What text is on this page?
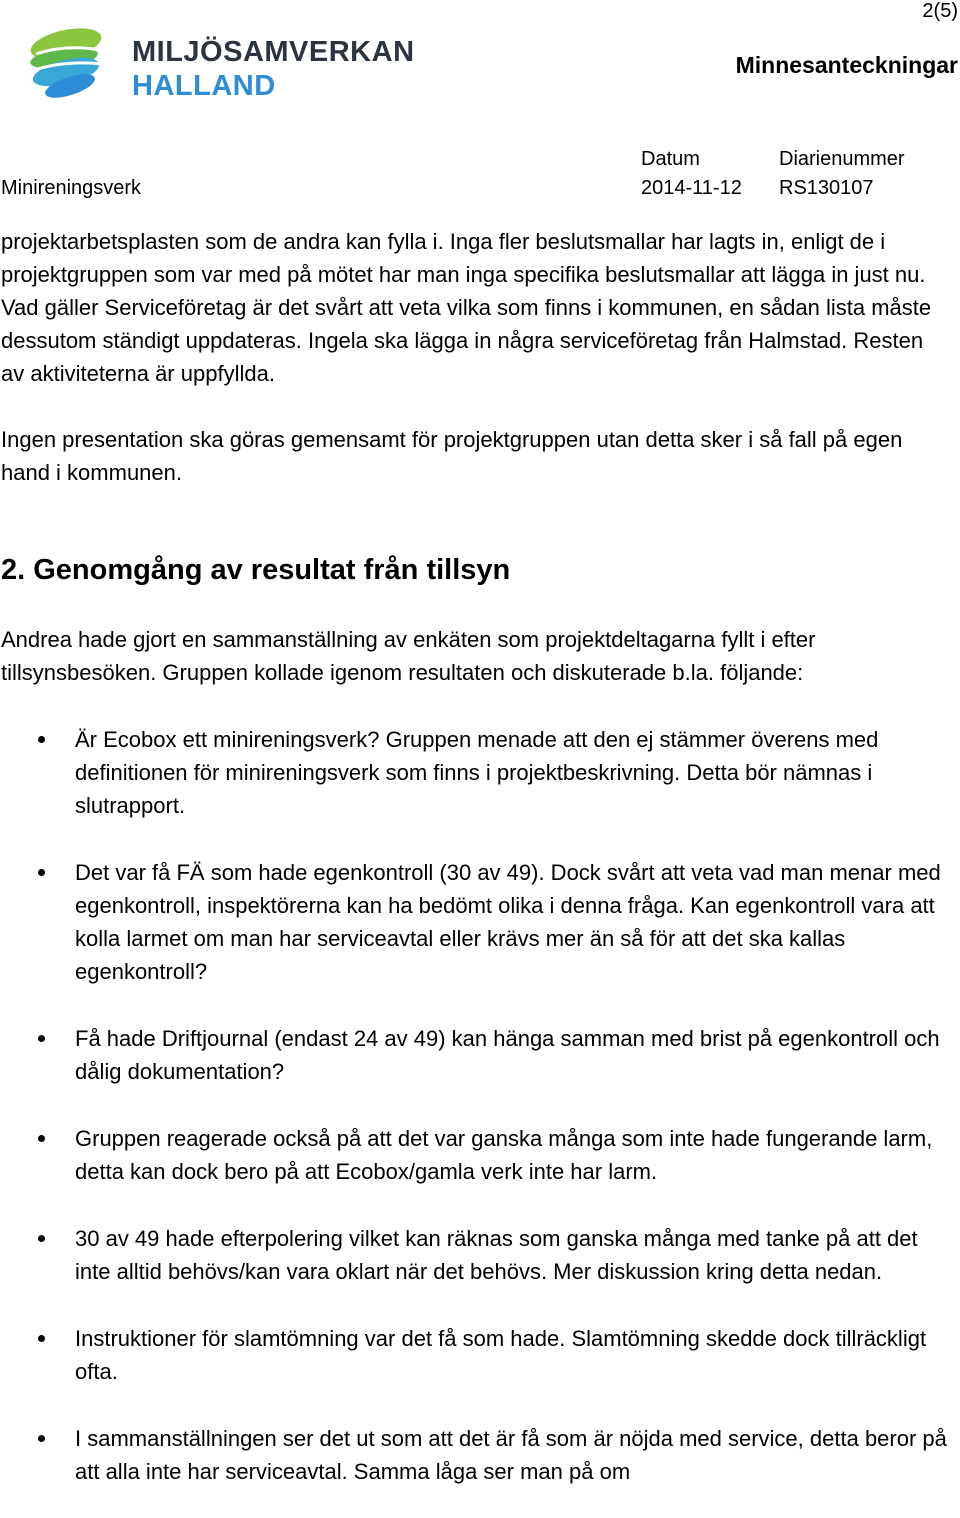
2(5)
MILJÖSAMVERKAN
HALLAND
Minnesanteckningar
Minireningsverk
Datum
2014-11-12
Diarienummer
RS130107

projektarbetsplasten som de andra kan fylla i. Inga fler beslutsmallar har lagts in, enligt de i projektgruppen som var med på mötet har man inga specifika beslutsmallar att lägga in just nu. Vad gäller Serviceföretag är det svårt att veta vilka som finns i kommunen, en sådan lista måste dessutom ständigt uppdateras. Ingela ska lägga in några serviceföretag från Halmstad. Resten av aktiviteterna är uppfyllda.

Ingen presentation ska göras gemensamt för projektgruppen utan detta sker i så fall på egen hand i kommunen.

2. Genomgång av resultat från tillsyn

Andrea hade gjort en sammanställning av enkäten som projektdeltagarna fyllt i efter tillsynsbesöken. Gruppen kollade igenom resultaten och diskuterade b.la. följande:

Är Ecobox ett minireningsverk? Gruppen menade att den ej stämmer överens med definitionen för minireningsverk som finns i projektbeskrivning. Detta bör nämnas i slutrapport.
Det var få FÄ som hade egenkontroll (30 av 49). Dock svårt att veta vad man menar med egenkontroll, inspektörerna kan ha bedömt olika i denna fråga. Kan egenkontroll vara att kolla larmet om man har serviceavtal eller krävs mer än så för att det ska kallas egenkontroll?
Få hade Driftjournal (endast 24 av 49) kan hänga samman med brist på egenkontroll och dålig dokumentation?
Gruppen reagerade också på att det var ganska många som inte hade fungerande larm, detta kan dock bero på att Ecobox/gamla verk inte har larm.
30 av 49 hade efterpolering vilket kan räknas som ganska många med tanke på att det inte alltid behövs/kan vara oklart när det behövs. Mer diskussion kring detta nedan.
Instruktioner för slamtömning var det få som hade. Slamtömning skedde dock tillräckligt ofta.
I sammanställningen ser det ut som att det är få som är nöjda med service, detta beror på att alla inte har serviceavtal. Samma låga ser man på om
